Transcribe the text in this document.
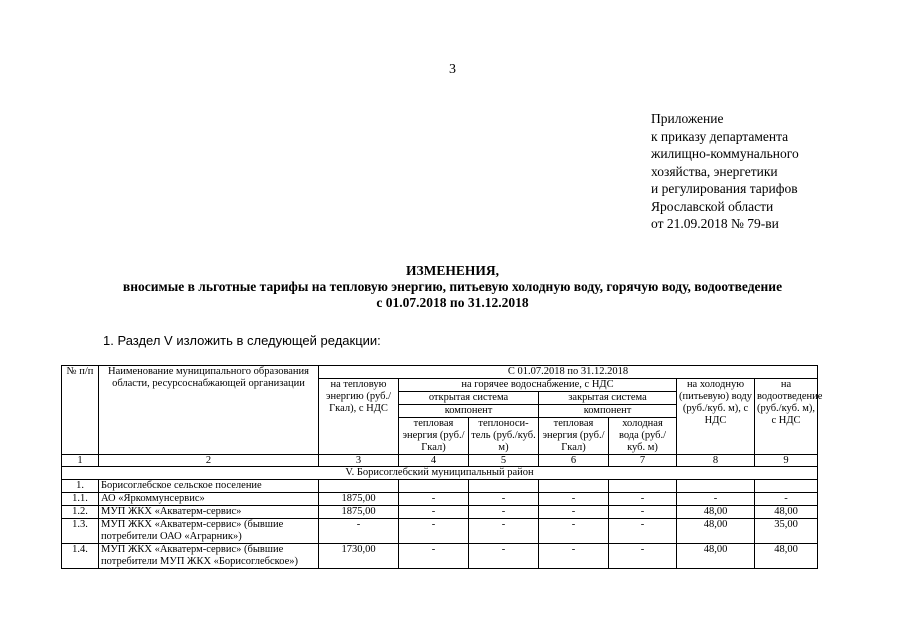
3
Приложение
к приказу департамента
жилищно-коммунального
хозяйства, энергетики
и регулирования тарифов
Ярославской области
от 21.09.2018 № 79-ви
ИЗМЕНЕНИЯ,
вносимые в льготные тарифы на тепловую энергию, питьевую холодную воду, горячую воду, водоотведение
с 01.07.2018 по 31.12.2018
1. Раздел V изложить в следующей редакции:
№ п/п	Наименование муниципального образования области, ресурсоснабжающей организации	С 01.07.2018 по 31.12.2018						
		на тепловую энергию (руб./Гкал), с НДС	на горячее водоснабжение, с НДС				на холодную (питьевую) воду (руб./куб. м), с НДС	на водоотведение (руб./куб. м), с НДС
			открытая система		закрытая система			
			компонент		компонент			
			тепловая энергия (руб./Гкал)	теплоноси- тель (руб./куб. м)	тепловая энергия (руб./Гкал)	холодная вода (руб./куб. м)		
1	2	3	4	5	6	7	8	9
V. Борисоглебский муниципальный район								
1.	Борисоглебское сельское поселение							
1.1.	АО «Яркоммунсервис»	1875,00	-	-	-	-	-	-
1.2.	МУП ЖКХ «Акватерм-сервис»	1875,00	-	-	-	-	48,00	48,00
1.3.	МУП ЖКХ «Акватерм-сервис» (бывшие потребители ОАО «Аграрник»)	-	-	-	-	-	48,00	35,00
1.4.	МУП ЖКХ «Акватерм-сервис» (бывшие потребители МУП ЖКХ «Борисоглебское»)	1730,00	-	-	-	-	48,00	48,00
